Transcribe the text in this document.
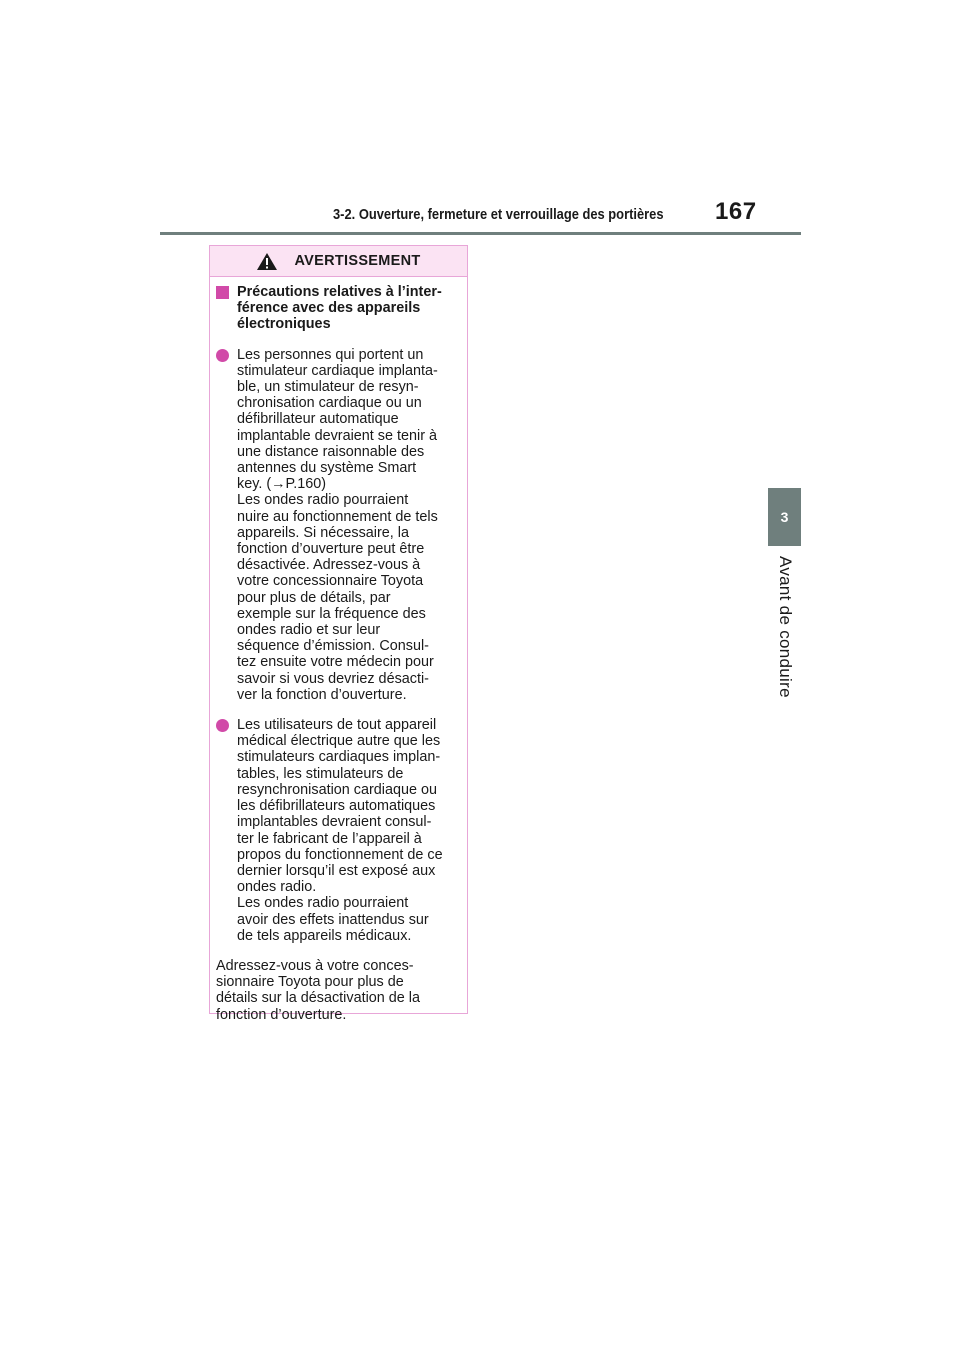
3-2. Ouverture, fermeture et verrouillage des portières 167
3
Avant de conduire
AVERTISSEMENT
Précautions relatives à l’inter-
férence avec des appareils
électroniques
Les personnes qui portent un
stimulateur cardiaque implanta-
ble, un stimulateur de resyn-
chronisation cardiaque ou un
défibrillateur automatique
implantable devraient se tenir à
une distance raisonnable des
antennes du système Smart
key. (→P.160)
Les ondes radio pourraient
nuire au fonctionnement de tels
appareils. Si nécessaire, la
fonction d’ouverture peut être
désactivée. Adressez-vous à
votre concessionnaire Toyota
pour plus de détails, par
exemple sur la fréquence des
ondes radio et sur leur
séquence d’émission. Consul-
tez ensuite votre médecin pour
savoir si vous devriez désacti-
ver la fonction d’ouverture.
Les utilisateurs de tout appareil
médical électrique autre que les
stimulateurs cardiaques implan-
tables, les stimulateurs de
resynchronisation cardiaque ou
les défibrillateurs automatiques
implantables devraient consul-
ter le fabricant de l’appareil à
propos du fonctionnement de ce
dernier lorsqu’il est exposé aux
ondes radio.
Les ondes radio pourraient
avoir des effets inattendus sur
de tels appareils médicaux.
Adressez-vous à votre conces-
sionnaire Toyota pour plus de
détails sur la désactivation de la
fonction d’ouverture.
